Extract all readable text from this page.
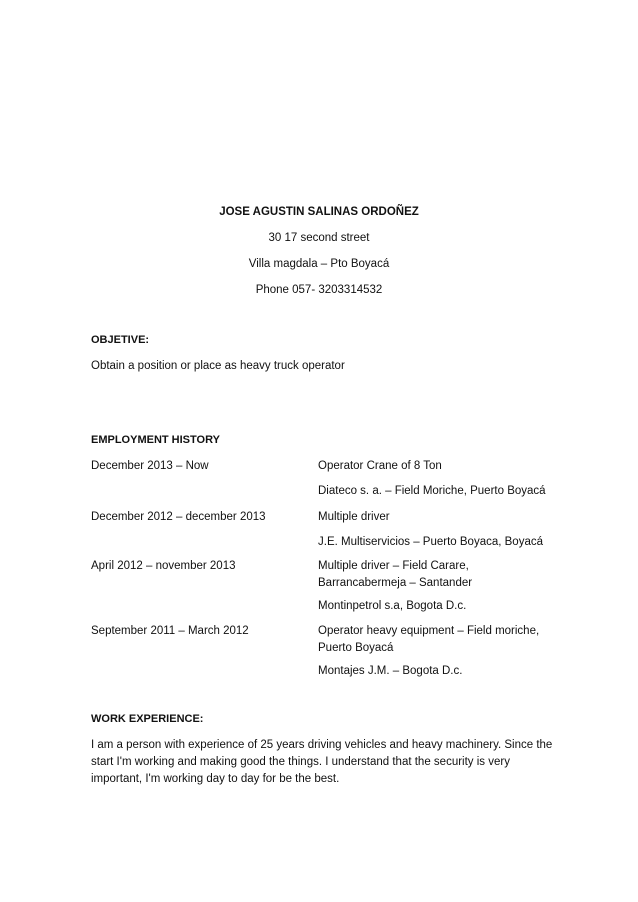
JOSE AGUSTIN SALINAS ORDOÑEZ
30 17 second street
Villa magdala – Pto Boyacá
Phone 057- 3203314532
OBJETIVE:
Obtain a position or place as heavy truck operator
EMPLOYMENT HISTORY
December 2013 – Now	Operator Crane of 8 Ton
Diateco s. a. – Field Moriche, Puerto Boyacá
December 2012 – december 2013	Multiple driver
J.E. Multiservicios – Puerto Boyaca, Boyacá
April 2012 – november 2013	Multiple driver – Field Carare, Barrancabermeja – Santander
Montinpetrol s.a, Bogota D.c.
September 2011 – March 2012	Operator heavy equipment – Field moriche, Puerto Boyacá
Montajes J.M. – Bogota D.c.
WORK EXPERIENCE:
I am a person with experience of 25 years driving vehicles and heavy machinery. Since the start I'm working and making good the things. I understand that the security is very important, I'm working day to day for be the best.
